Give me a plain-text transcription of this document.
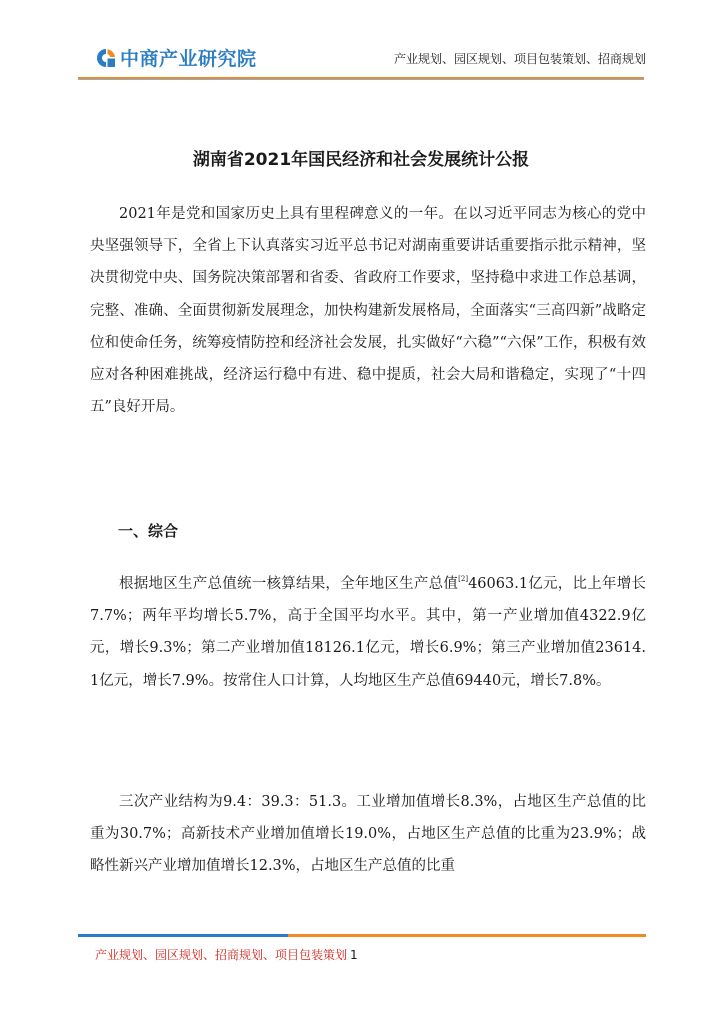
中商产业研究院	产业规划、园区规划、项目包装策划、招商规划
湖南省2021年国民经济和社会发展统计公报

2021年是党和国家历史上具有里程碑意义的一年。在以习近平同志为核心的党中央坚强领导下，全省上下认真落实习近平总书记对湖南重要讲话重要指示批示精神，坚决贯彻党中央、国务院决策部署和省委、省政府工作要求，坚持稳中求进工作总基调，完整、准确、全面贯彻新发展理念，加快构建新发展格局，全面落实“三高四新”战略定位和使命任务，统筹疫情防控和经济社会发展，扎实做好“六稳”“六保”工作，积极有效应对各种困难挑战，经济运行稳中有进、稳中提质，社会大局和谐稳定，实现了“十四五”良好开局。

一、综合

根据地区生产总值统一核算结果，全年地区生产总值[2]46063.1亿元，比上年增长7.7%；两年平均增长5.7%，高于全国平均水平。其中，第一产业增加值4322.9亿元，增长9.3%；第二产业增加值18126.1亿元，增长6.9%；第三产业增加值23614.1亿元，增长7.9%。按常住人口计算，人均地区生产总值69440元，增长7.8%。

三次产业结构为9.4：39.3：51.3。工业增加值增长8.3%，占地区生产总值的比重为30.7%；高新技术产业增加值增长19.0%，占地区生产总值的比重为23.9%；战略性新兴产业增加值增长12.3%，占地区生产总值的比重

产业规划、园区规划、招商规划、项目包装策划 1
